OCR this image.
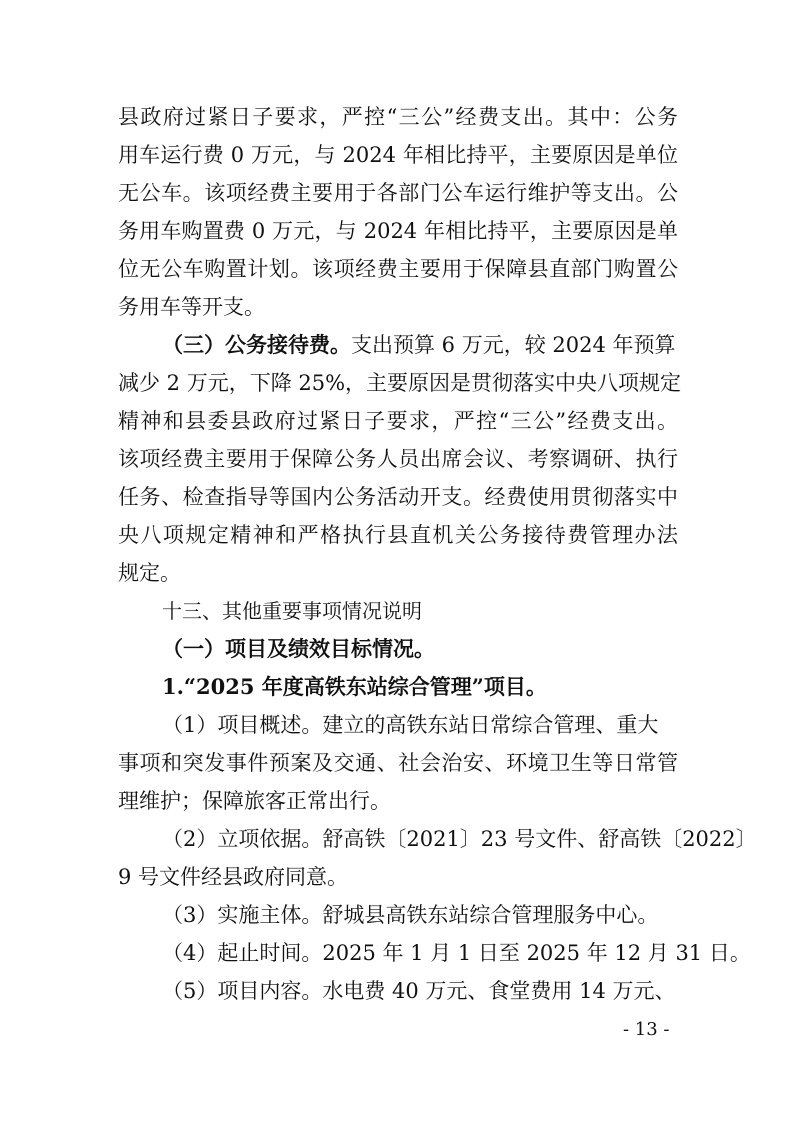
县政府过紧日子要求，严控“三公”经费支出。其中：公务
用车运行费 0 万元，与 2024 年相比持平，主要原因是单位
无公车。该项经费主要用于各部门公车运行维护等支出。公
务用车购置费 0 万元，与 2024 年相比持平，主要原因是单
位无公车购置计划。该项经费主要用于保障县直部门购置公
务用车等开支。
（三）公务接待费。支出预算 6 万元，较 2024 年预算
减少 2 万元，下降 25%，主要原因是贯彻落实中央八项规定
精神和县委县政府过紧日子要求，严控“三公”经费支出。
该项经费主要用于保障公务人员出席会议、考察调研、执行
任务、检查指导等国内公务活动开支。经费使用贯彻落实中
央八项规定精神和严格执行县直机关公务接待费管理办法
规定。
十三、其他重要事项情况说明
（一）项目及绩效目标情况。
1.“2025 年度高铁东站综合管理”项目。
（1）项目概述。建立的高铁东站日常综合管理、重大
事项和突发事件预案及交通、社会治安、环境卫生等日常管
理维护；保障旅客正常出行。
（2）立项依据。舒高铁〔2021〕23 号文件、舒高铁〔2022〕
9 号文件经县政府同意。
（3）实施主体。舒城县高铁东站综合管理服务中心。
（4）起止时间。2025 年 1 月 1 日至 2025 年 12 月 31 日。
（5）项目内容。水电费 40 万元、食堂费用 14 万元、
- 13 -
